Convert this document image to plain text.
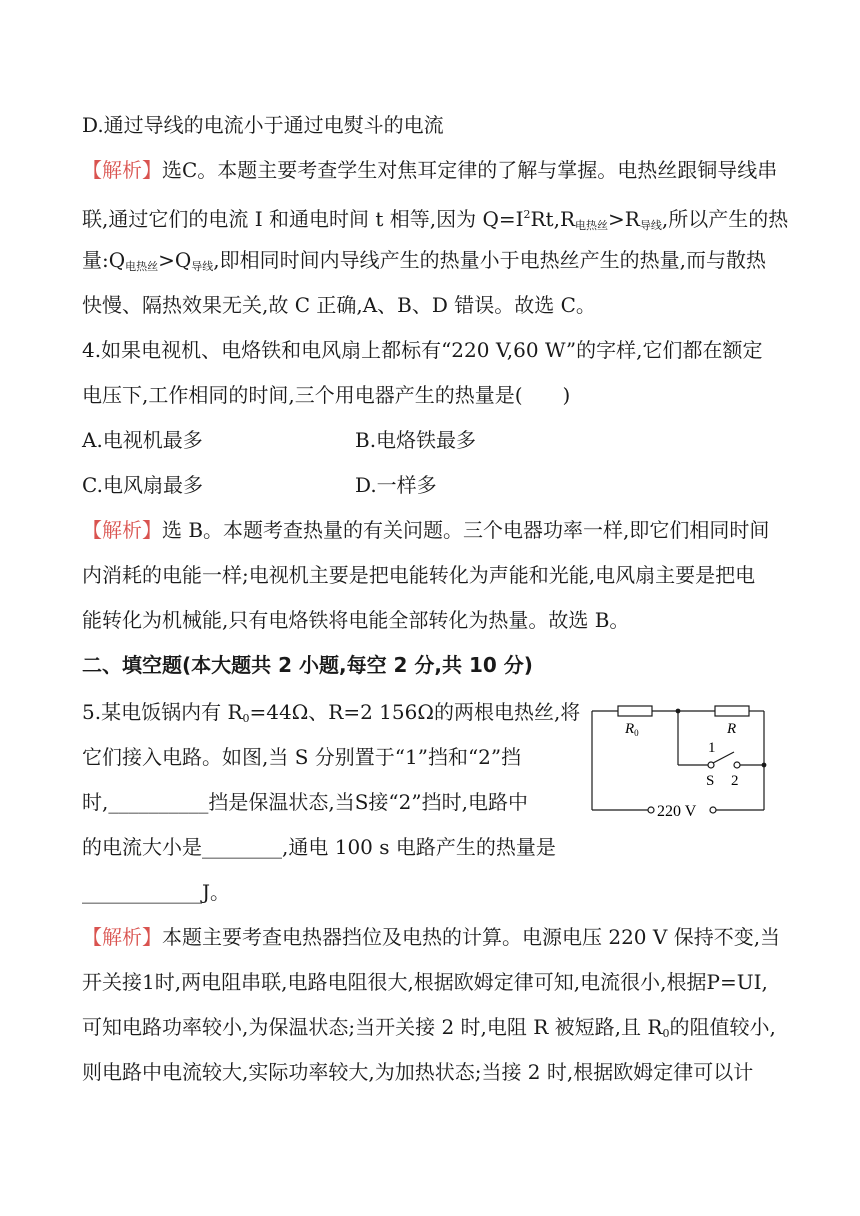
D.通过导线的电流小于通过电熨斗的电流
【解析】选C。本题主要考查学生对焦耳定律的了解与掌握。电热丝跟铜导线串
联,通过它们的电流 I 和通电时间 t 相等,因为 $Q=I^2Rt,R_{电热丝}>R_{导线}$,所以产生的热
量$:Q_{电热丝}>Q_{导线}$,即相同时间内导线产生的热量小于电热丝产生的热量,而与散热
快慢、隔热效果无关,故 C 正确,A、B、D 错误。故选 C。
4.如果电视机、电烙铁和电风扇上都标有“220 V,60 W”的字样,它们都在额定
电压下,工作相同的时间,三个用电器产生的热量是(　　)
A.电视机最多	B.电烙铁最多
C.电风扇最多	D.一样多
【解析】选 B。本题考查热量的有关问题。三个电器功率一样,即它们相同时间
内消耗的电能一样;电视机主要是把电能转化为声能和光能,电风扇主要是把电
能转化为机械能,只有电烙铁将电能全部转化为热量。故选 B。
二、填空题(本大题共 2 小题,每空 2 分,共 10 分)
5.某电饭锅内有 $R_0=44\Omega$、R=2 156Ω的两根电热丝,将
它们接入电路。如图,当 S 分别置于“1”挡和“2”挡
时,__________挡是保温状态,当S接“2”挡时,电路中
的电流大小是________,通电 100 s 电路产生的热量是
____________J。
$R_0$	R
1
S 2
220 V
【解析】本题主要考查电热器挡位及电热的计算。电源电压 220 V 保持不变,当
开关接1时,两电阻串联,电路电阻很大,根据欧姆定律可知,电流很小,根据P=UI,
可知电路功率较小,为保温状态;当开关接 2 时,电阻 R 被短路,且 $R_0$的阻值较小,
则电路中电流较大,实际功率较大,为加热状态;当接 2 时,根据欧姆定律可以计
